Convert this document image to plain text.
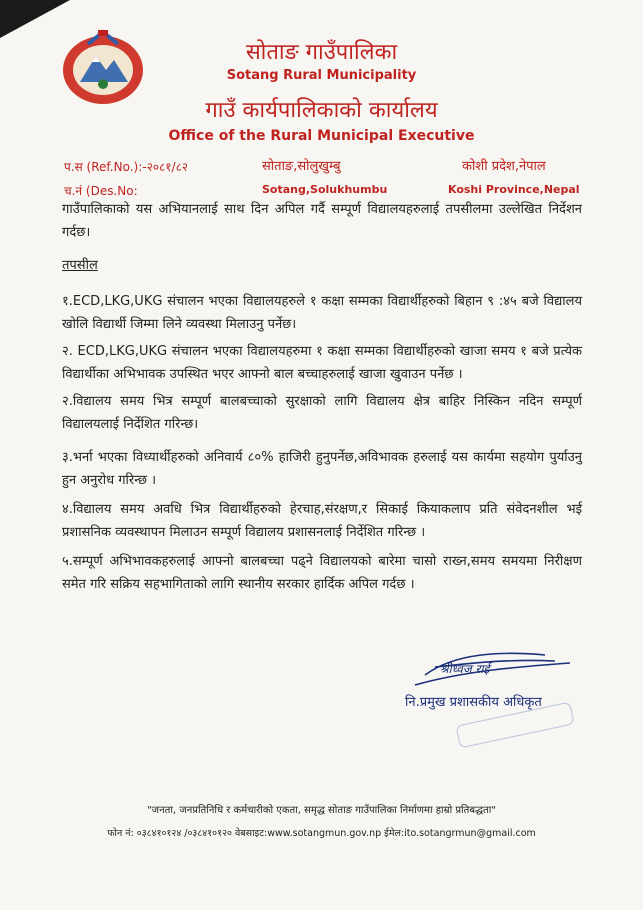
सोताङ गाउँपालिका
Sotang Rural Municipality
गाउँ कार्यपालिकाको कार्यालय
Office of the Rural Municipal Executive
प.स (Ref.No.):-२०८१/८२	सोताङ,सोलुखुम्बु	कोशी प्रदेश,नेपाल
च.नं (Des.No:	Sotang,Solukhumbu	Koshi Province,Nepal
गाउँपालिकाको यस अभियानलाई साथ दिन अपिल गर्दै सम्पूर्ण विद्यालयहरुलाई तपसीलमा उल्लेखित निर्देशन गर्दछ।
तपसील
१.ECD,LKG,UKG संचालन भएका विद्यालयहरुले १ कक्षा सम्मका विद्यार्थीहरुको बिहान ९ :४५ बजे विद्यालय खोलि विद्यार्थी जिम्मा लिने व्यवस्था मिलाउनु पर्नेछ।
२. ECD,LKG,UKG संचालन भएका विद्यालयहरुमा १ कक्षा सम्मका विद्यार्थीहरुको खाजा समय १ बजे प्रत्येक विद्यार्थीका अभिभावक उपस्थित भएर आफ्नो बाल बच्चाहरुलाई खाजा खुवाउन पर्नेछ ।
२.विद्यालय समय भित्र सम्पूर्ण बालबच्चाको सुरक्षाको लागि विद्यालय क्षेत्र बाहिर निस्किन नदिन सम्पूर्ण विद्यालयलाई निर्देशित गरिन्छ।
३.भर्ना भएका विध्यार्थीहरुको अनिवार्य ८०% हाजिरी हुनुपर्नेछ,अविभावक हरुलाई यस कार्यमा सहयोग पुर्याउनु हुन अनुरोध गरिन्छ ।
४.विद्यालय समय अवधि भित्र विद्यार्थीहरुको हेरचाह,संरक्षण,र सिकाई कियाकलाप प्रति संवेदनशील भई प्रशासनिक व्यवस्थापन मिलाउन सम्पूर्ण विद्यालय प्रशासनलाई निर्देशित गरिन्छ ।
५.सम्पूर्ण अभिभावकहरुलाई आफ्नो बालबच्चा पढ्ने विद्यालयको बारेमा चासो राख्न,समय समयमा निरीक्षण समेत गरि सक्रिय सहभागिताको लागि स्थानीय सरकार हार्दिक अपिल गर्दछ ।
श्रीध्वज राई
नि.प्रमुख प्रशासकीय अधिकृत
"जनता, जनप्रतिनिधि र कर्मचारीको एकता, समृद्ध सोताङ गाउँपालिका निर्माणमा हाम्रो प्रतिबद्धता"
फोन नं: ०३८४१०१२४ /०३८४१०१२० वेबसाइट:www.sotangmun.gov.np ईमेल:ito.sotangrmun@gmail.com
